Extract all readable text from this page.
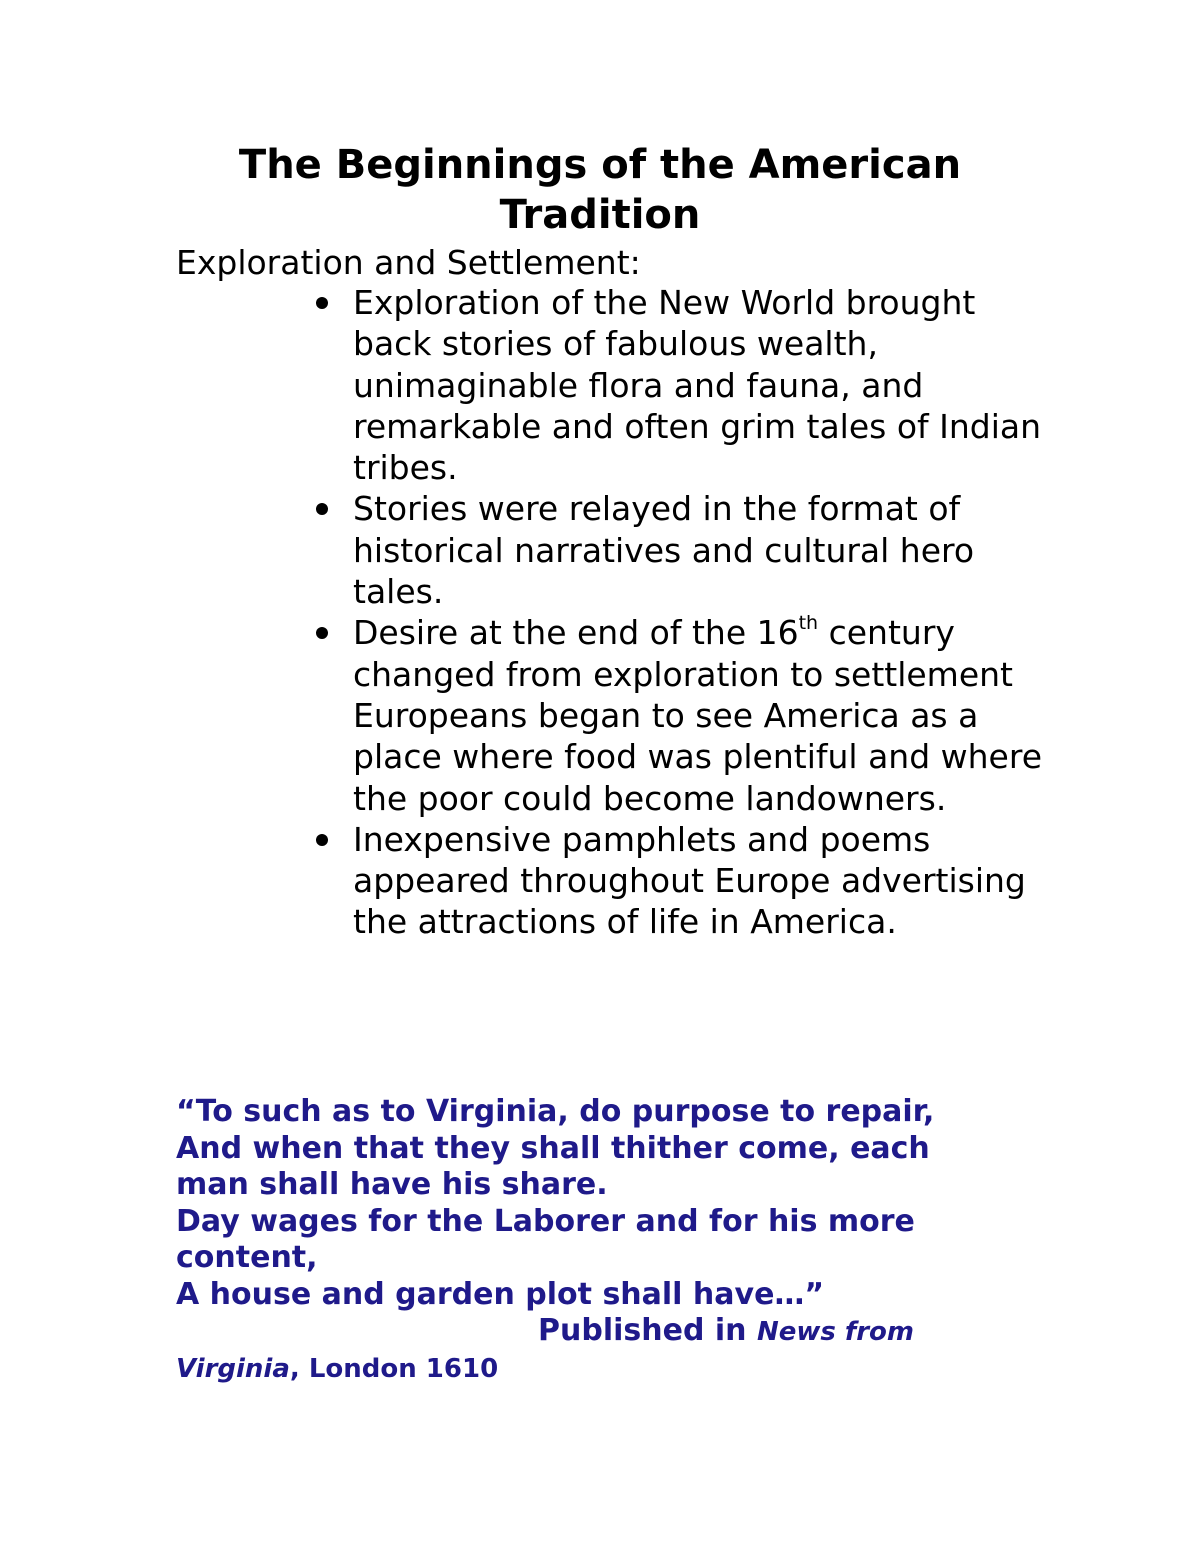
The Beginnings of the American Tradition
Exploration and Settlement:
Exploration of the New World brought back stories of fabulous wealth, unimaginable flora and fauna, and remarkable and often grim tales of Indian tribes.
Stories were relayed in the format of historical narratives and cultural hero tales.
Desire at the end of the 16th century changed from exploration to settlement Europeans began to see America as a place where food was plentiful and where the poor could become landowners.
Inexpensive pamphlets and poems appeared throughout Europe advertising the attractions of life in America.
“To such as to Virginia, do purpose to repair,
And when that they shall thither come, each man shall have his share.
Day wages for the Laborer and for his more content,
A house and garden plot shall have…”
Published in News from
Virginia, London 1610
